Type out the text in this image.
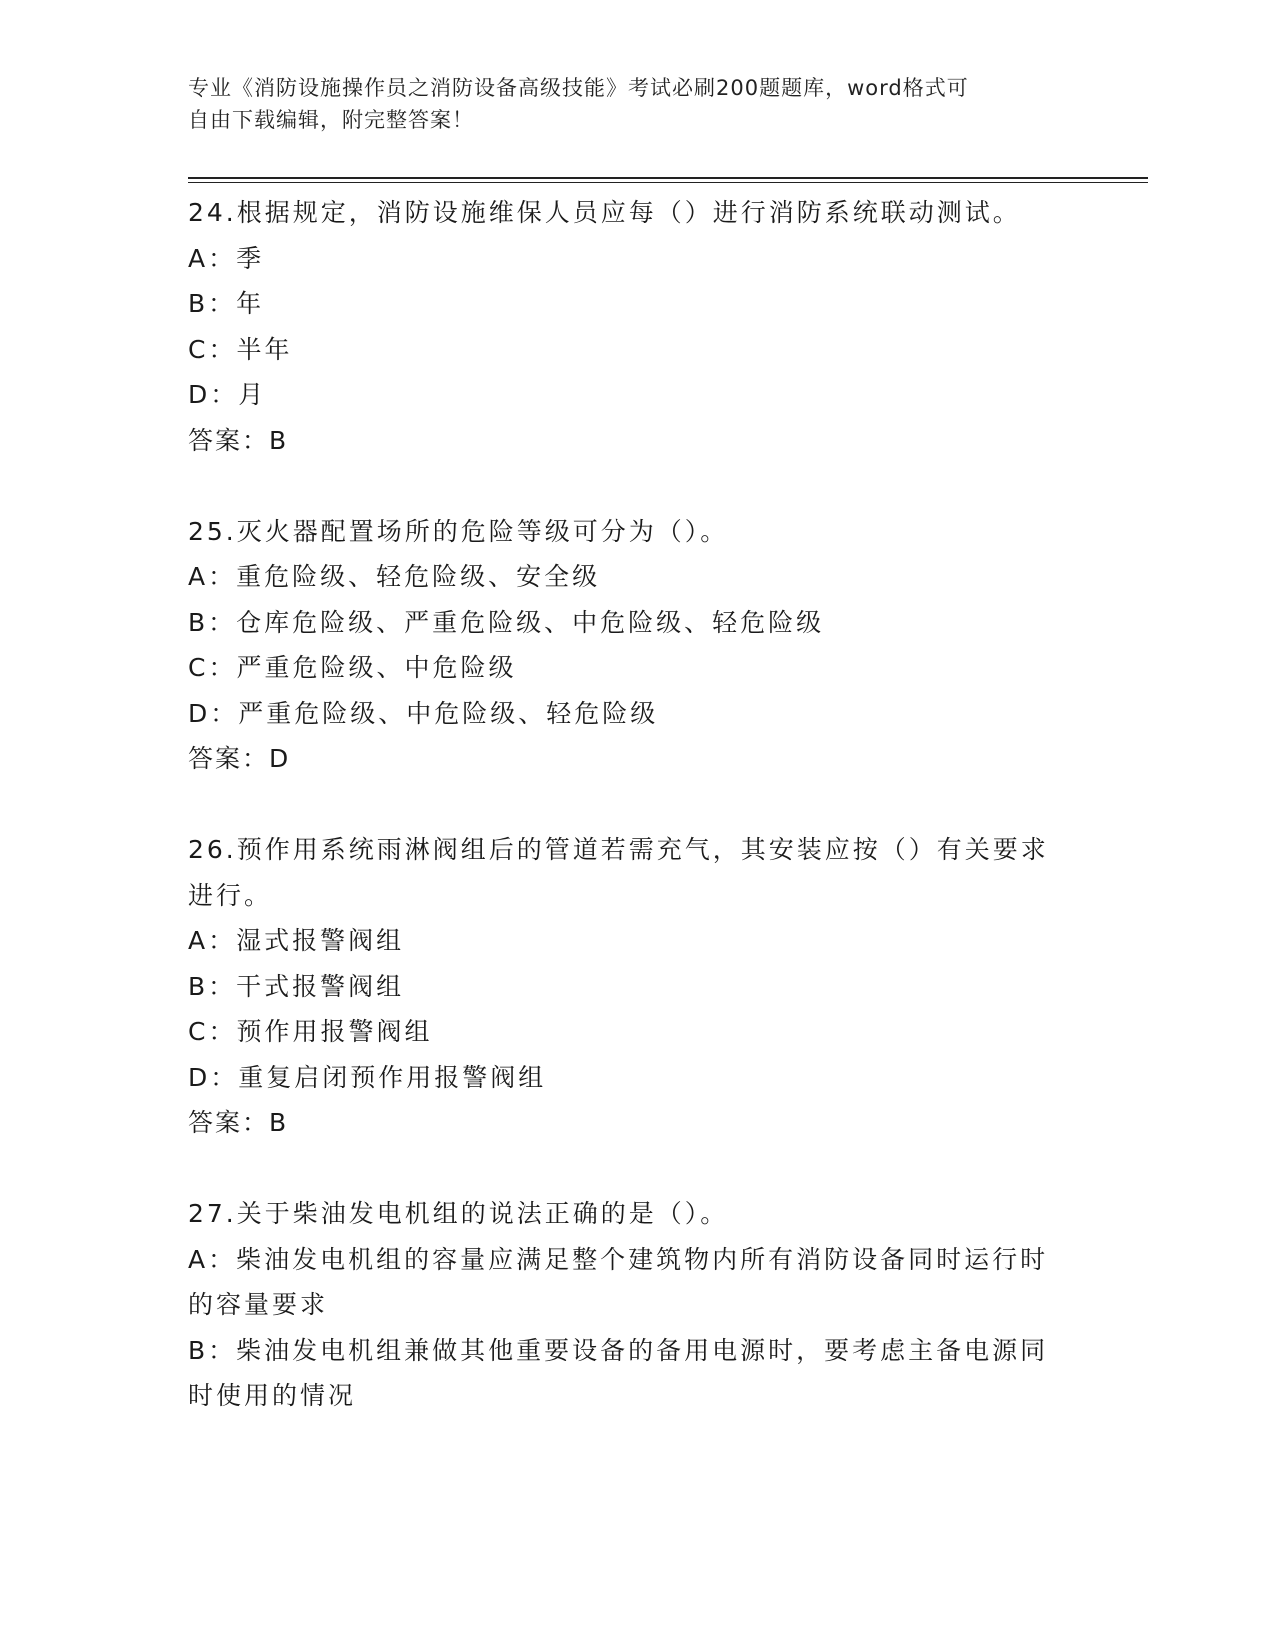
专业《消防设施操作员之消防设备高级技能》考试必刷200题题库，word格式可
自由下载编辑，附完整答案！
24.根据规定，消防设施维保人员应每（）进行消防系统联动测试。
A：季
B：年
C：半年
D：月
答案：B
25.灭火器配置场所的危险等级可分为（）。
A：重危险级、轻危险级、安全级
B：仓库危险级、严重危险级、中危险级、轻危险级
C：严重危险级、中危险级
D：严重危险级、中危险级、轻危险级
答案：D
26.预作用系统雨淋阀组后的管道若需充气，其安装应按（）有关要求
进行。
A：湿式报警阀组
B：干式报警阀组
C：预作用报警阀组
D：重复启闭预作用报警阀组
答案：B
27.关于柴油发电机组的说法正确的是（）。
A：柴油发电机组的容量应满足整个建筑物内所有消防设备同时运行时
的容量要求
B：柴油发电机组兼做其他重要设备的备用电源时，要考虑主备电源同
时使用的情况
